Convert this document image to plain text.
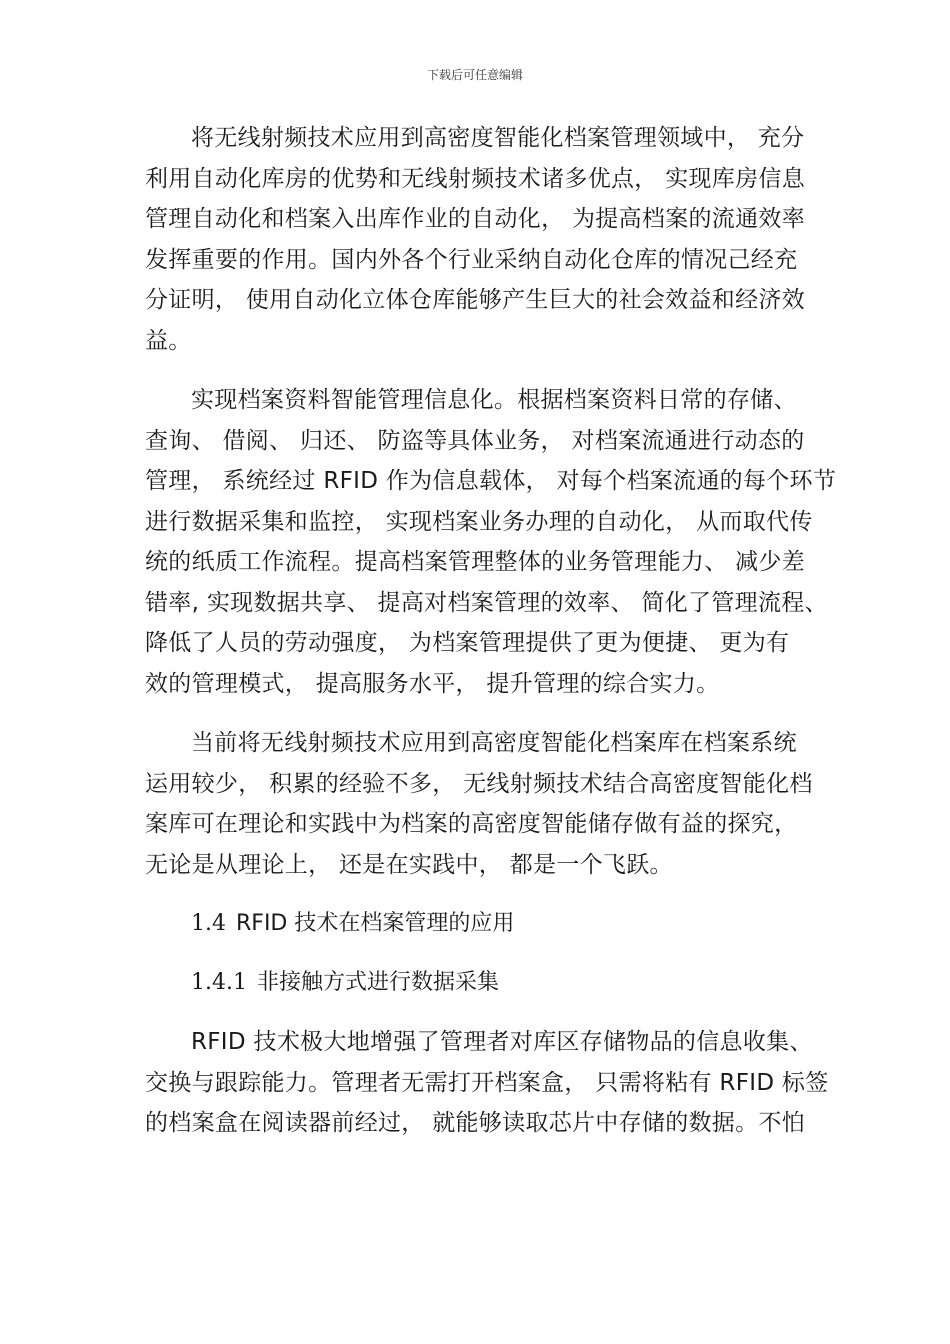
下载后可任意编辑
将无线射频技术应用到高密度智能化档案管理领域中， 充分
利用自动化库房的优势和无线射频技术诸多优点， 实现库房信息
管理自动化和档案入出库作业的自动化， 为提高档案的流通效率
发挥重要的作用。国内外各个行业采纳自动化仓库的情况己经充
分证明， 使用自动化立体仓库能够产生巨大的社会效益和经济效
益。
实现档案资料智能管理信息化。根据档案资料日常的存储、
查询、 借阅、 归还、 防盗等具体业务， 对档案流通进行动态的
管理， 系统经过 RFID 作为信息载体， 对每个档案流通的每个环节
进行数据采集和监控， 实现档案业务办理的自动化， 从而取代传
统的纸质工作流程。提高档案管理整体的业务管理能力、 减少差
错率, 实现数据共享、 提高对档案管理的效率、 简化了管理流程、
降低了人员的劳动强度， 为档案管理提供了更为便捷、 更为有
效的管理模式， 提高服务水平， 提升管理的综合实力。
当前将无线射频技术应用到高密度智能化档案库在档案系统
运用较少， 积累的经验不多， 无线射频技术结合高密度智能化档
案库可在理论和实践中为档案的高密度智能储存做有益的探究，
无论是从理论上， 还是在实践中， 都是一个飞跃。
1.4 RFID 技术在档案管理的应用
1.4.1 非接触方式进行数据采集
RFID 技术极大地增强了管理者对库区存储物品的信息收集、
交换与跟踪能力。管理者无需打开档案盒， 只需将粘有 RFID 标签
的档案盒在阅读器前经过， 就能够读取芯片中存储的数据。不怕
